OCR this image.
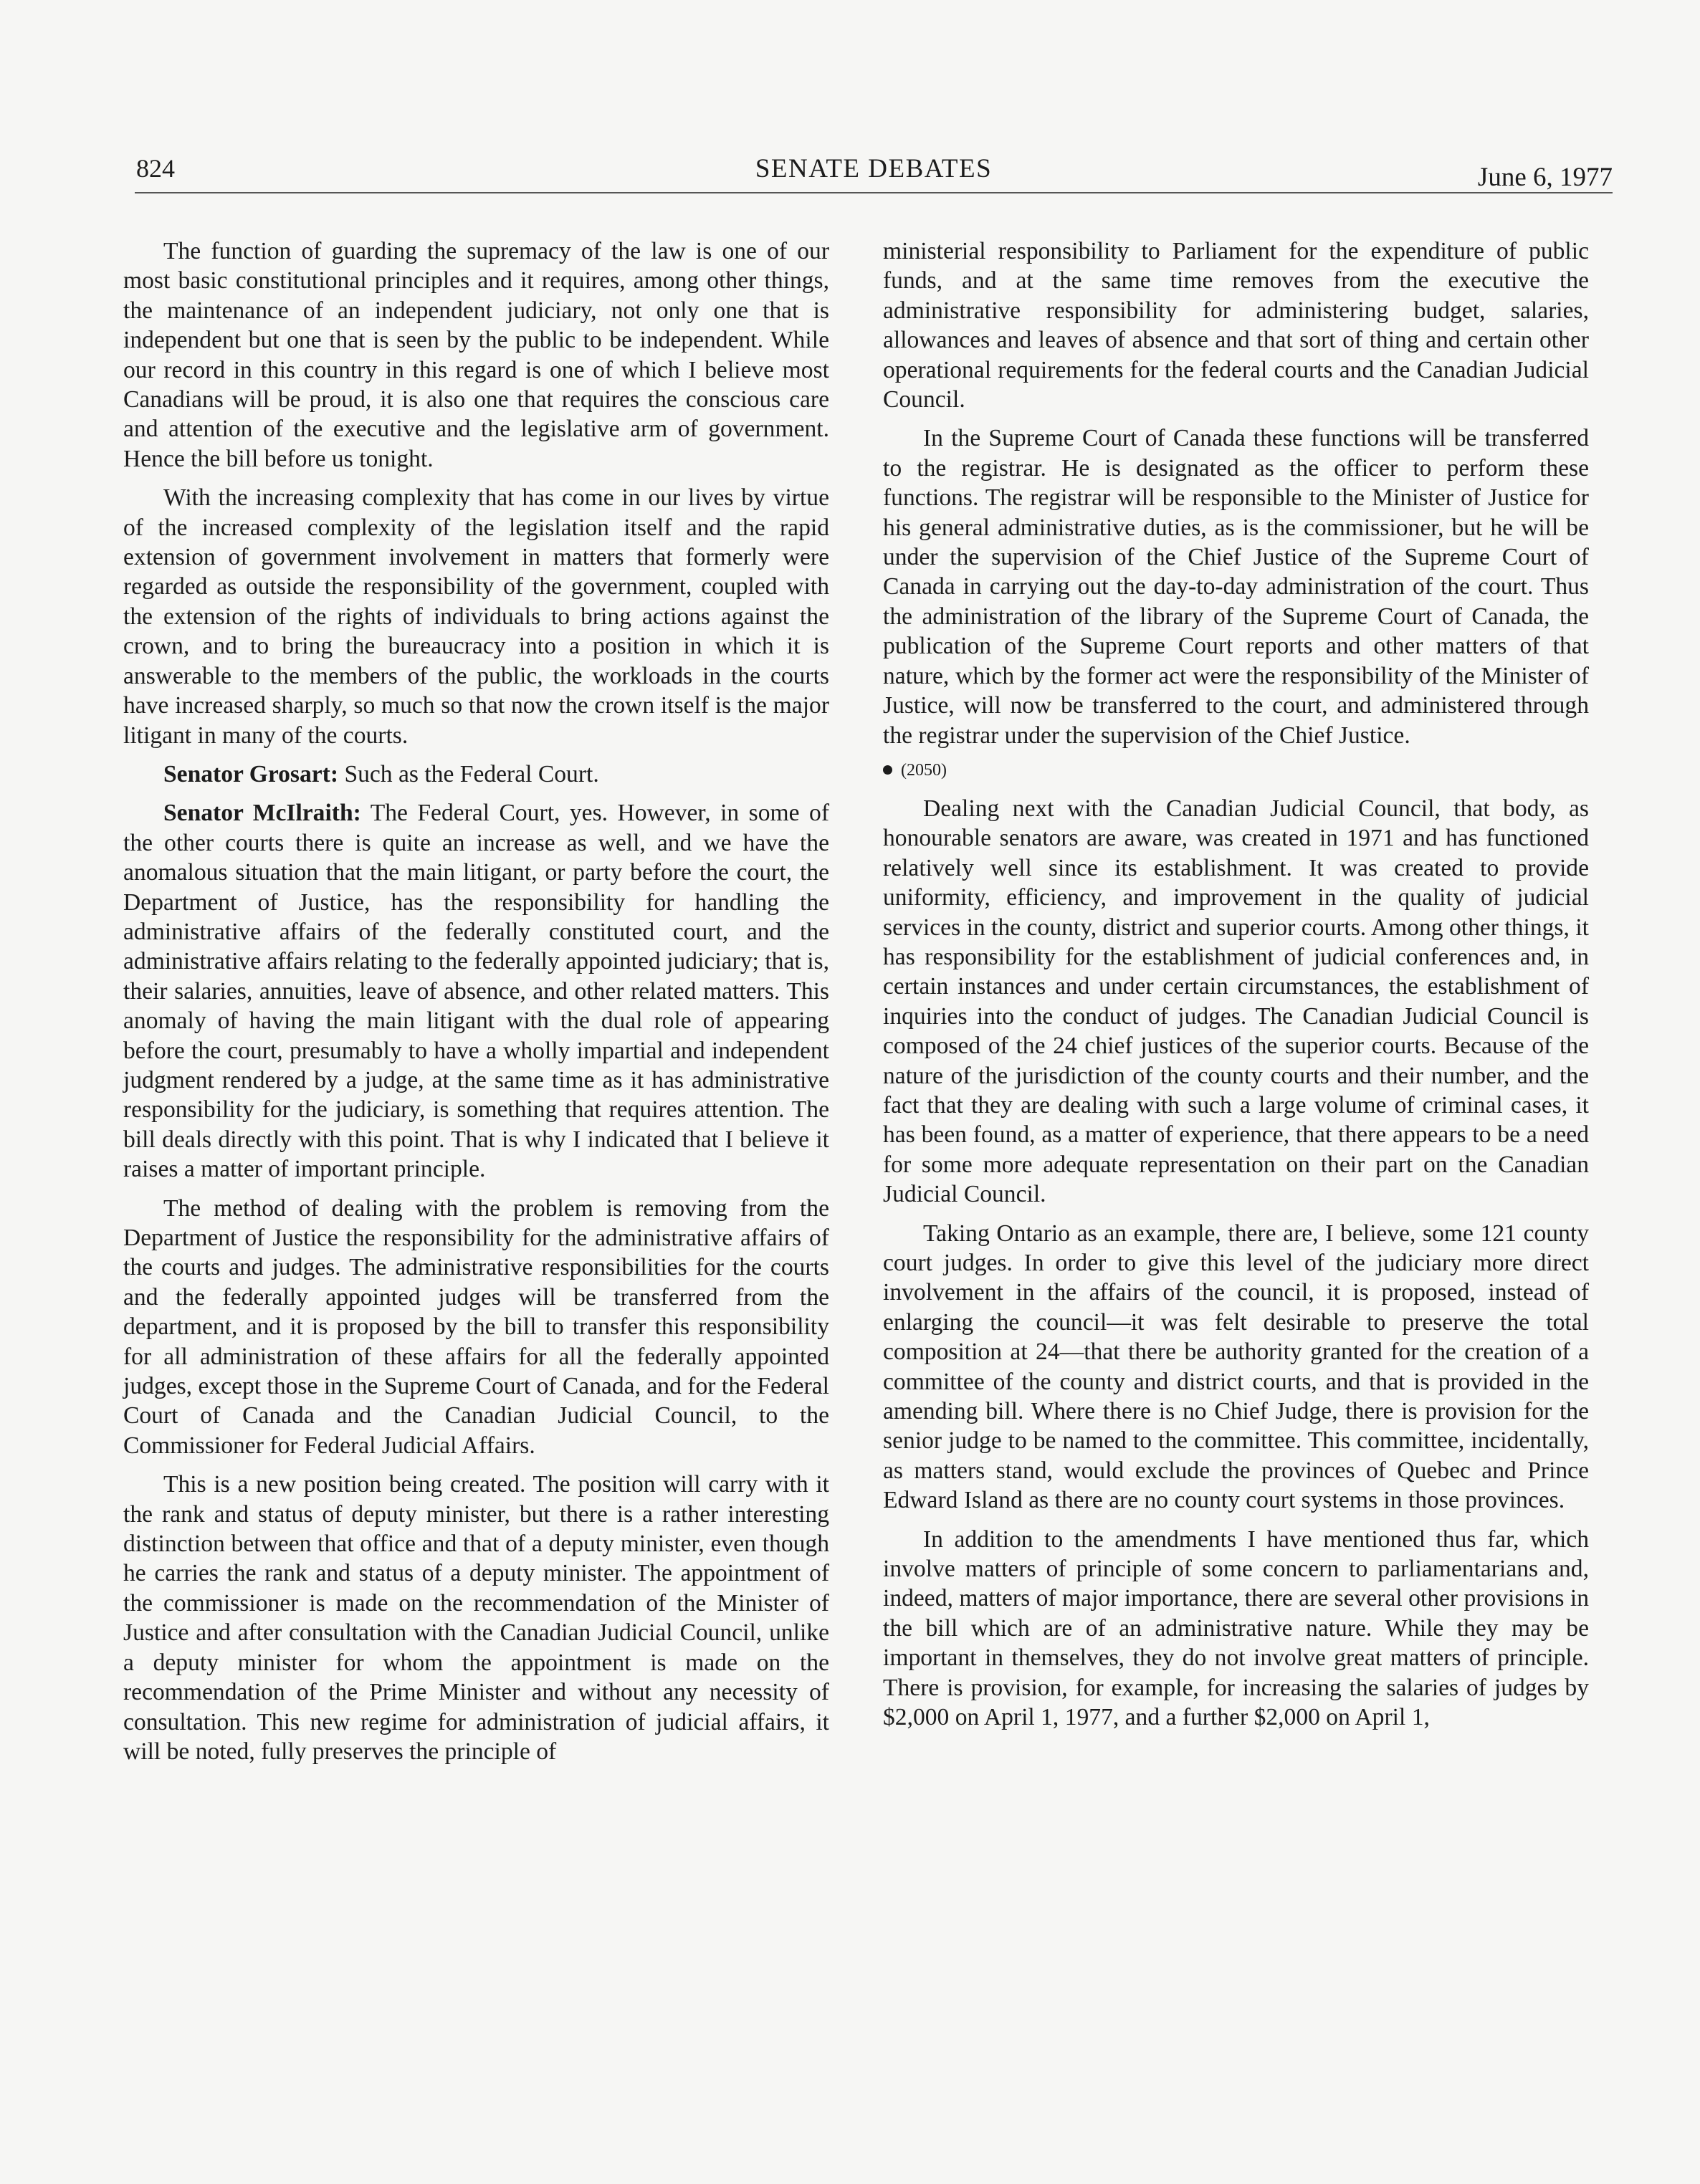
824	SENATE DEBATES	June 6, 1977

The function of guarding the supremacy of the law is one of our most basic constitutional principles and it requires, among other things, the maintenance of an independent judiciary, not only one that is independent but one that is seen by the public to be independent. While our record in this country in this regard is one of which I believe most Canadians will be proud, it is also one that requires the conscious care and attention of the executive and the legislative arm of government. Hence the bill before us tonight.

With the increasing complexity that has come in our lives by virtue of the increased complexity of the legislation itself and the rapid extension of government involvement in matters that formerly were regarded as outside the responsibility of the government, coupled with the extension of the rights of individuals to bring actions against the crown, and to bring the bureaucracy into a position in which it is answerable to the members of the public, the workloads in the courts have increased sharply, so much so that now the crown itself is the major litigant in many of the courts.

Senator Grosart: Such as the Federal Court.

Senator McIlraith: The Federal Court, yes. However, in some of the other courts there is quite an increase as well, and we have the anomalous situation that the main litigant, or party before the court, the Department of Justice, has the responsibility for handling the administrative affairs of the federally constituted court, and the administrative affairs relating to the federally appointed judiciary; that is, their salaries, annuities, leave of absence, and other related matters. This anomaly of having the main litigant with the dual role of appearing before the court, presumably to have a wholly impartial and independent judgment rendered by a judge, at the same time as it has administrative responsibility for the judiciary, is something that requires attention. The bill deals directly with this point. That is why I indicated that I believe it raises a matter of important principle.

The method of dealing with the problem is removing from the Department of Justice the responsibility for the administrative affairs of the courts and judges. The administrative responsibilities for the courts and the federally appointed judges will be transferred from the department, and it is proposed by the bill to transfer this responsibility for all administration of these affairs for all the federally appointed judges, except those in the Supreme Court of Canada, and for the Federal Court of Canada and the Canadian Judicial Council, to the Commissioner for Federal Judicial Affairs.

This is a new position being created. The position will carry with it the rank and status of deputy minister, but there is a rather interesting distinction between that office and that of a deputy minister, even though he carries the rank and status of a deputy minister. The appointment of the commissioner is made on the recommendation of the Minister of Justice and after consultation with the Canadian Judicial Council, unlike a deputy minister for whom the appointment is made on the recommendation of the Prime Minister and without any necessity of consultation. This new regime for administration of judicial affairs, it will be noted, fully preserves the principle of

ministerial responsibility to Parliament for the expenditure of public funds, and at the same time removes from the executive the administrative responsibility for administering budget, salaries, allowances and leaves of absence and that sort of thing and certain other operational requirements for the federal courts and the Canadian Judicial Council.

In the Supreme Court of Canada these functions will be transferred to the registrar. He is designated as the officer to perform these functions. The registrar will be responsible to the Minister of Justice for his general administrative duties, as is the commissioner, but he will be under the supervision of the Chief Justice of the Supreme Court of Canada in carrying out the day-to-day administration of the court. Thus the administration of the library of the Supreme Court of Canada, the publication of the Supreme Court reports and other matters of that nature, which by the former act were the responsibility of the Minister of Justice, will now be transferred to the court, and administered through the registrar under the supervision of the Chief Justice.

(2050)

Dealing next with the Canadian Judicial Council, that body, as honourable senators are aware, was created in 1971 and has functioned relatively well since its establishment. It was created to provide uniformity, efficiency, and improvement in the quality of judicial services in the county, district and superior courts. Among other things, it has responsibility for the establishment of judicial conferences and, in certain instances and under certain circumstances, the establishment of inquiries into the conduct of judges. The Canadian Judicial Council is composed of the 24 chief justices of the superior courts. Because of the nature of the jurisdiction of the county courts and their number, and the fact that they are dealing with such a large volume of criminal cases, it has been found, as a matter of experience, that there appears to be a need for some more adequate representation on their part on the Canadian Judicial Council.

Taking Ontario as an example, there are, I believe, some 121 county court judges. In order to give this level of the judiciary more direct involvement in the affairs of the council, it is proposed, instead of enlarging the council—it was felt desirable to preserve the total composition at 24—that there be authority granted for the creation of a committee of the county and district courts, and that is provided in the amending bill. Where there is no Chief Judge, there is provision for the senior judge to be named to the committee. This committee, incidentally, as matters stand, would exclude the provinces of Quebec and Prince Edward Island as there are no county court systems in those provinces.

In addition to the amendments I have mentioned thus far, which involve matters of principle of some concern to parliamentarians and, indeed, matters of major importance, there are several other provisions in the bill which are of an administrative nature. While they may be important in themselves, they do not involve great matters of principle. There is provision, for example, for increasing the salaries of judges by $2,000 on April 1, 1977, and a further $2,000 on April 1,
